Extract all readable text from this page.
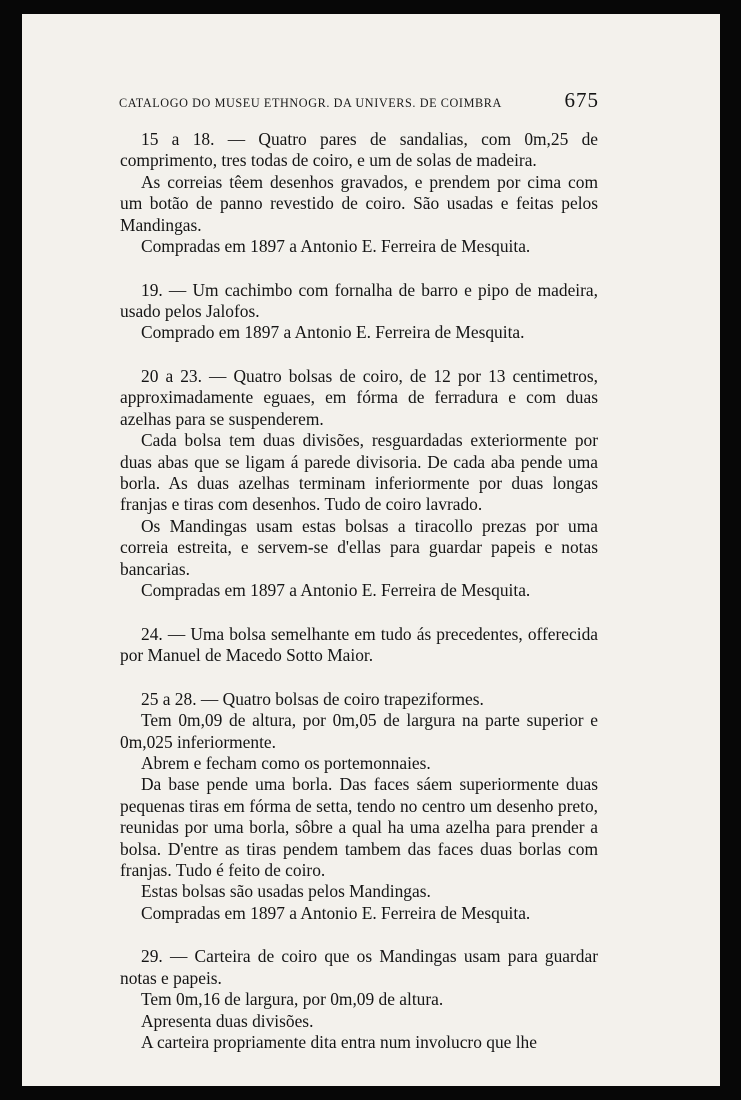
CATALOGO DO MUSEU ETHNOGR. DA UNIVERS. DE COIMBRA	675

15 a 18. — Quatro pares de sandalias, com 0m,25 de comprimento, tres todas de coiro, e um de solas de madeira.

As correias têem desenhos gravados, e prendem por cima com um botão de panno revestido de coiro. São usadas e feitas pelos Mandingas.

Compradas em 1897 a Antonio E. Ferreira de Mesquita.

19. — Um cachimbo com fornalha de barro e pipo de madeira, usado pelos Jalofos.

Comprado em 1897 a Antonio E. Ferreira de Mesquita.

20 a 23. — Quatro bolsas de coiro, de 12 por 13 centimetros, approximadamente eguaes, em fórma de ferradura e com duas azelhas para se suspenderem.

Cada bolsa tem duas divisões, resguardadas exteriormente por duas abas que se ligam á parede divisoria. De cada aba pende uma borla. As duas azelhas terminam inferiormente por duas longas franjas e tiras com desenhos. Tudo de coiro lavrado.

Os Mandingas usam estas bolsas a tiracollo prezas por uma correia estreita, e servem-se d'ellas para guardar papeis e notas bancarias.

Compradas em 1897 a Antonio E. Ferreira de Mesquita.

24. — Uma bolsa semelhante em tudo ás precedentes, offerecida por Manuel de Macedo Sotto Maior.

25 a 28. — Quatro bolsas de coiro trapeziformes.

Tem 0m,09 de altura, por 0m,05 de largura na parte superior e 0m,025 inferiormente.

Abrem e fecham como os portemonnaies.

Da base pende uma borla. Das faces sáem superiormente duas pequenas tiras em fórma de setta, tendo no centro um desenho preto, reunidas por uma borla, sôbre a qual ha uma azelha para prender a bolsa. D'entre as tiras pendem tambem das faces duas borlas com franjas. Tudo é feito de coiro.

Estas bolsas são usadas pelos Mandingas.

Compradas em 1897 a Antonio E. Ferreira de Mesquita.

29. — Carteira de coiro que os Mandingas usam para guardar notas e papeis.

Tem 0m,16 de largura, por 0m,09 de altura.

Apresenta duas divisões.

A carteira propriamente dita entra num involucro que lhe
